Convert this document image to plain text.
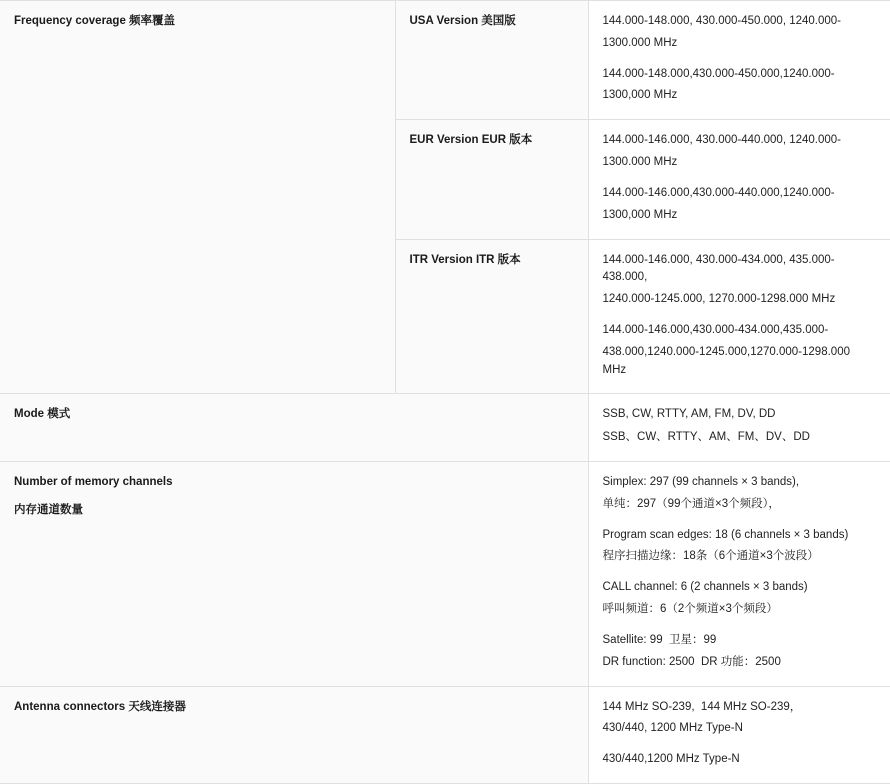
Frequency coverage 频率覆盖	USA Version 美国版	144.000-148.000, 430.000-450.000, 1240.000-
1300.000 MHz
144.000-148.000,430.000-450.000,1240.000-
1300,000 MHz

	EUR Version EUR 版本	144.000-146.000, 430.000-440.000, 1240.000-
1300.000 MHz
144.000-146.000,430.000-440.000,1240.000-
1300,000 MHz

	ITR Version ITR 版本	144.000-146.000, 430.000-434.000, 435.000-438.000,
1240.000-1245.000, 1270.000-1298.000 MHz
144.000-146.000,430.000-434.000,435.000-
438.000,1240.000-1245.000,1270.000-1298.000 MHz

Mode 模式		SSB, CW, RTTY, AM, FM, DV, DD
SSB、CW、RTTY、AM、FM、DV、DD

Number of memory channels
内存通道数量

Simplex: 297 (99 channels × 3 bands),
单纯：297（99个通道×3个频段），
Program scan edges: 18 (6 channels × 3 bands)
程序扫描边缘：18条（6个通道×3个波段）
CALL channel: 6 (2 channels × 3 bands)
呼叫频道：6（2个频道×3个频段）
Satellite: 99  卫星：99
DR function: 2500  DR 功能：2500

Antenna connectors 天线连接器		144 MHz SO-239,  144 MHz SO-239，
430/440, 1200 MHz Type-N
430/440,1200 MHz Type-N
